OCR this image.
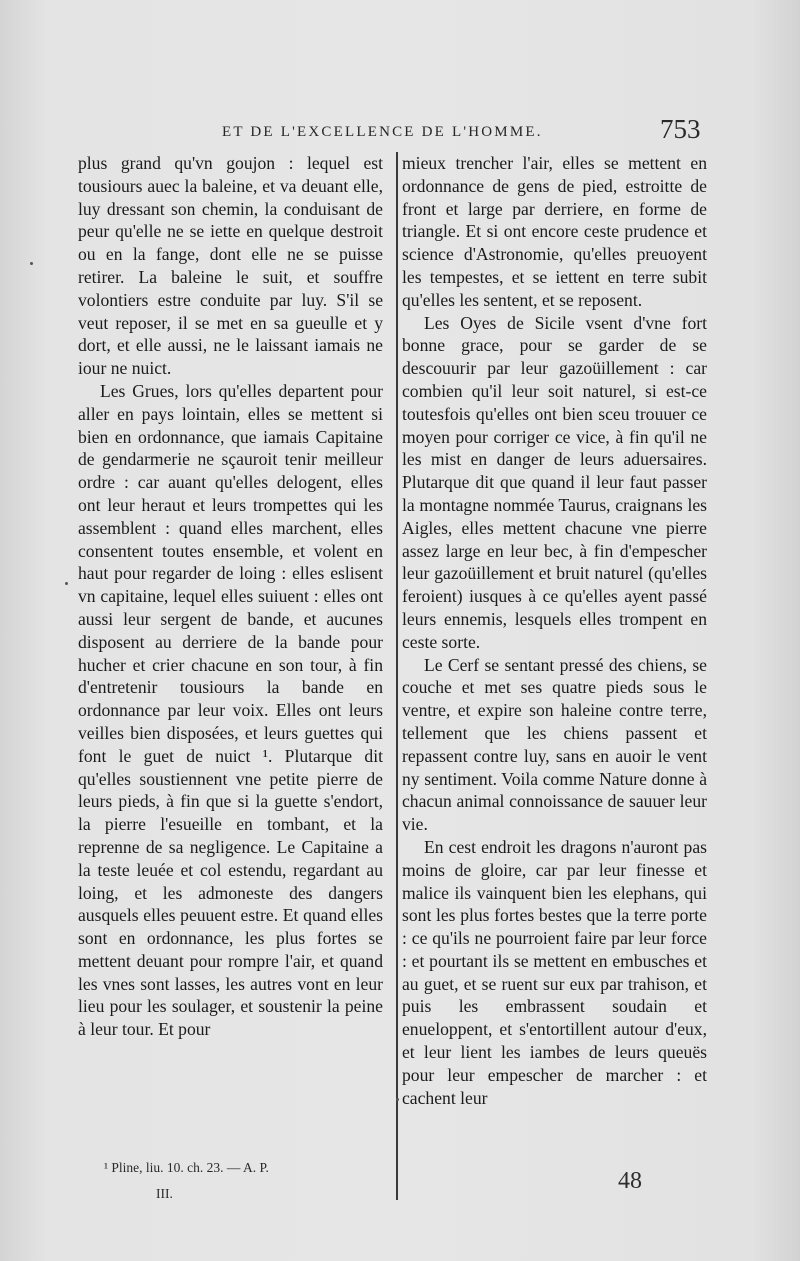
ET DE L'EXCELLENCE DE L'HOMME.	753

plus grand qu'vn goujon : lequel est tousiours auec la baleine, et va deuant elle, luy dressant son chemin, la conduisant de peur qu'elle ne se iette en quelque destroit ou en la fange, dont elle ne se puisse retirer. La baleine le suit, et souffre volontiers estre conduite par luy. S'il se veut reposer, il se met en sa gueulle et y dort, et elle aussi, ne le laissant iamais ne iour ne nuict.

Les Grues, lors qu'elles departent pour aller en pays lointain, elles se mettent si bien en ordonnance, que iamais Capitaine de gendarmerie ne sçauroit tenir meilleur ordre : car auant qu'elles delogent, elles ont leur heraut et leurs trompettes qui les assemblent : quand elles marchent, elles consentent toutes ensemble, et volent en haut pour regarder de loing : elles eslisent vn capitaine, lequel elles suiuent : elles ont aussi leur sergent de bande, et aucunes disposent au derriere de la bande pour hucher et crier chacune en son tour, à fin d'entretenir tousiours la bande en ordonnance par leur voix. Elles ont leurs veilles bien disposées, et leurs guettes qui font le guet de nuict ¹. Plutarque dit qu'elles soustiennent vne petite pierre de leurs pieds, à fin que si la guette s'endort, la pierre l'esueille en tombant, et la reprenne de sa negligence. Le Capitaine a la teste leuée et col estendu, regardant au loing, et les admoneste des dangers ausquels elles peuuent estre. Et quand elles sont en ordonnance, les plus fortes se mettent deuant pour rompre l'air, et quand les vnes sont lasses, les autres vont en leur lieu pour les soulager, et soustenir la peine à leur tour. Et pour

mieux trencher l'air, elles se mettent en ordonnance de gens de pied, estroitte de front et large par derriere, en forme de triangle. Et si ont encore ceste prudence et science d'Astronomie, qu'elles preuoyent les tempestes, et se iettent en terre subit qu'elles les sentent, et se reposent.

Les Oyes de Sicile vsent d'vne fort bonne grace, pour se garder de se descouurir par leur gazoüillement : car combien qu'il leur soit naturel, si est-ce toutesfois qu'elles ont bien sceu trouuer ce moyen pour corriger ce vice, à fin qu'il ne les mist en danger de leurs aduersaires. Plutarque dit que quand il leur faut passer la montagne nommée Taurus, craignans les Aigles, elles mettent chacune vne pierre assez large en leur bec, à fin d'empescher leur gazoüillement et bruit naturel (qu'elles feroient) iusques à ce qu'elles ayent passé leurs ennemis, lesquels elles trompent en ceste sorte.

Le Cerf se sentant pressé des chiens, se couche et met ses quatre pieds sous le ventre, et expire son haleine contre terre, tellement que les chiens passent et repassent contre luy, sans en auoir le vent ny sentiment. Voila comme Nature donne à chacun animal connoissance de sauuer leur vie.

En cest endroit les dragons n'auront pas moins de gloire, car par leur finesse et malice ils vainquent bien les elephans, qui sont les plus fortes bestes que la terre porte : ce qu'ils ne pourroient faire par leur force : et pourtant ils se mettent en embusches et au guet, et se ruent sur eux par trahison, et puis les embrassent soudain et enueloppent, et s'entortillent autour d'eux, et leur lient les iambes de leurs queuës pour leur empescher de marcher : et cachent leur

¹ Pline, liu. 10. ch. 23. — A. P.
III.	48
